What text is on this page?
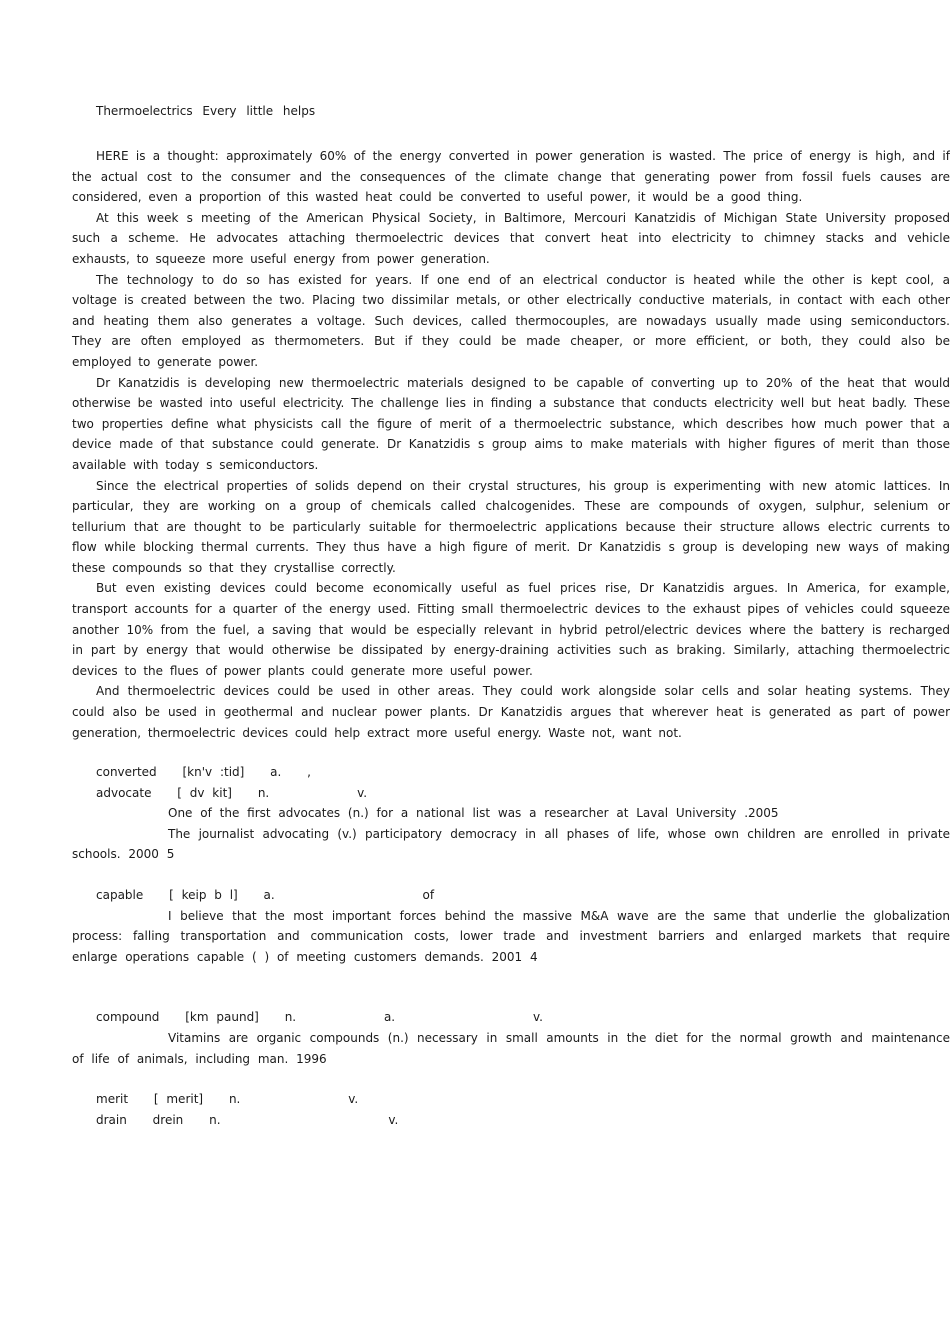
Thermoelectrics Every little helps

HERE is a thought: approximately 60% of the energy converted in power generation is wasted. The price of energy is high, and if the actual cost to the consumer and the consequences of the climate change that generating power from fossil fuels causes are considered, even a proportion of this wasted heat could be converted to useful power, it would be a good thing.

At this week s meeting of the American Physical Society, in Baltimore, Mercouri Kanatzidis of Michigan State University proposed such a scheme. He advocates attaching thermoelectric devices that convert heat into electricity to chimney stacks and vehicle exhausts, to squeeze more useful energy from power generation.

The technology to do so has existed for years. If one end of an electrical conductor is heated while the other is kept cool, a voltage is created between the two. Placing two dissimilar metals, or other electrically conductive materials, in contact with each other and heating them also generates a voltage. Such devices, called thermocouples, are nowadays usually made using semiconductors. They are often employed as thermometers. But if they could be made cheaper, or more efficient, or both, they could also be employed to generate power.

Dr Kanatzidis is developing new thermoelectric materials designed to be capable of converting up to 20% of the heat that would otherwise be wasted into useful electricity. The challenge lies in finding a substance that conducts electricity well but heat badly. These two properties define what physicists call the figure of merit of a thermoelectric substance, which describes how much power that a device made of that substance could generate. Dr Kanatzidis s group aims to make materials with higher figures of merit than those available with today s semiconductors.

Since the electrical properties of solids depend on their crystal structures, his group is experimenting with new atomic lattices. In particular, they are working on a group of chemicals called chalcogenides. These are compounds of oxygen, sulphur, selenium or tellurium that are thought to be particularly suitable for thermoelectric applications because their structure allows electric currents to flow while blocking thermal currents. They thus have a high figure of merit. Dr Kanatzidis s group is developing new ways of making these compounds so that they crystallise correctly.

But even existing devices could become economically useful as fuel prices rise, Dr Kanatzidis argues. In America, for example, transport accounts for a quarter of the energy used. Fitting small thermoelectric devices to the exhaust pipes of vehicles could squeeze another 10% from the fuel, a saving that would be especially relevant in hybrid petrol/electric devices where the battery is recharged in part by energy that would otherwise be dissipated by energy-draining activities such as braking. Similarly, attaching thermoelectric devices to the flues of power plants could generate more useful power.

And thermoelectric devices could be used in other areas. They could work alongside solar cells and solar heating systems. They could also be used in geothermal and nuclear power plants. Dr Kanatzidis argues that wherever heat is generated as part of power generation, thermoelectric devices could help extract more useful energy. Waste not, want not.

converted [kn'v :tid] a. ,
advocate [ dv kit] n.	v.

One of the first advocates (n.) for a national list was a researcher at Laval University .2005

The journalist advocating (v.) participatory democracy in all phases of life, whose own children are enrolled in private schools. 2000 5

capable [ keip b l] a.	of

I believe that the most important forces behind the massive M&A wave are the same that underlie the globalization process: falling transportation and communication costs, lower trade and investment barriers and enlarged markets that require enlarge operations capable ( ) of meeting customers demands. 2001 4

compound [km paund] n.	a.	v.

Vitamins are organic compounds (n.) necessary in small amounts in the diet for the normal growth and maintenance of life of animals, including man. 1996

merit [ merit] n.	v.
drain drein n.	v.
